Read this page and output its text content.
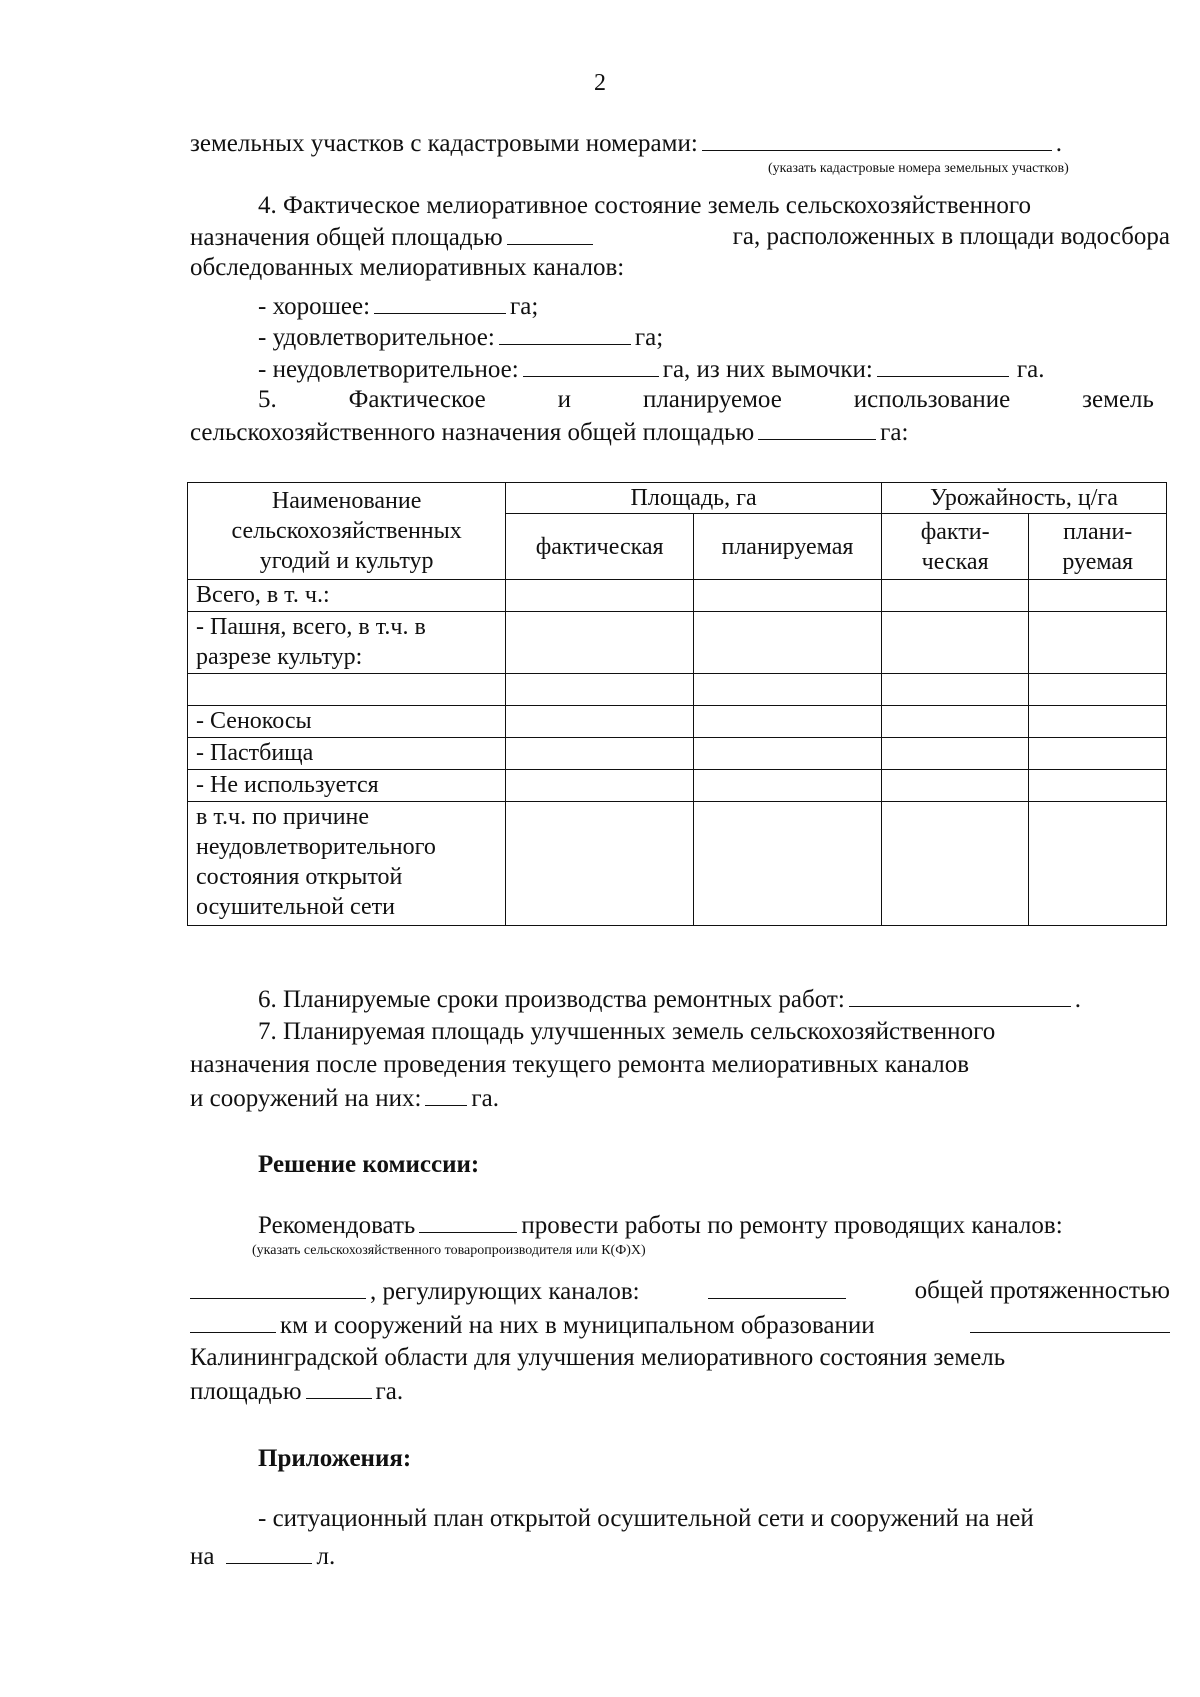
2
земельных участков с кадастровыми номерами:	.
(указать кадастровые номера земельных участков)
4. Фактическое мелиоративное состояние земель сельскохозяйственного
назначения общей площадью	га, расположенных в площади водосбора
обследованных мелиоративных каналов:
- хорошее:	га;
- удовлетворительное:	га;
- неудовлетворительное:	га, из них вымочки:	га.
5.	Фактическое	и	планируемое	использование	земель
сельскохозяйственного назначения общей площадью	га:
Наименование сельскохозяйственных угодий и культур	Площадь, га		Урожайность, ц/га	
	фактическая	планируемая	факти-ческая	плани-руемая
Всего, в т. ч.:				
- Пашня, всего, в т.ч. в разрезе культур:				

- Сенокосы				
- Пастбища				
- Не используется				
в т.ч. по причине неудовлетворительного состояния открытой осушительной сети				
6. Планируемые сроки производства ремонтных работ:	.
7. Планируемая площадь улучшенных земель сельскохозяйственного
назначения после проведения текущего ремонта мелиоративных каналов
и сооружений на них: га.
Решение комиссии:
Рекомендовать	провести работы по ремонту проводящих каналов:
(указать сельскохозяйственного товаропроизводителя или К(Ф)Х)
, регулирующих каналов:	общей протяженностью
км и сооружений на них в муниципальном образовании
Калининградской области для улучшения мелиоративного состояния земель
площадью	га.
Приложения:
- ситуационный план открытой осушительной сети и сооружений на ней
на	л.
